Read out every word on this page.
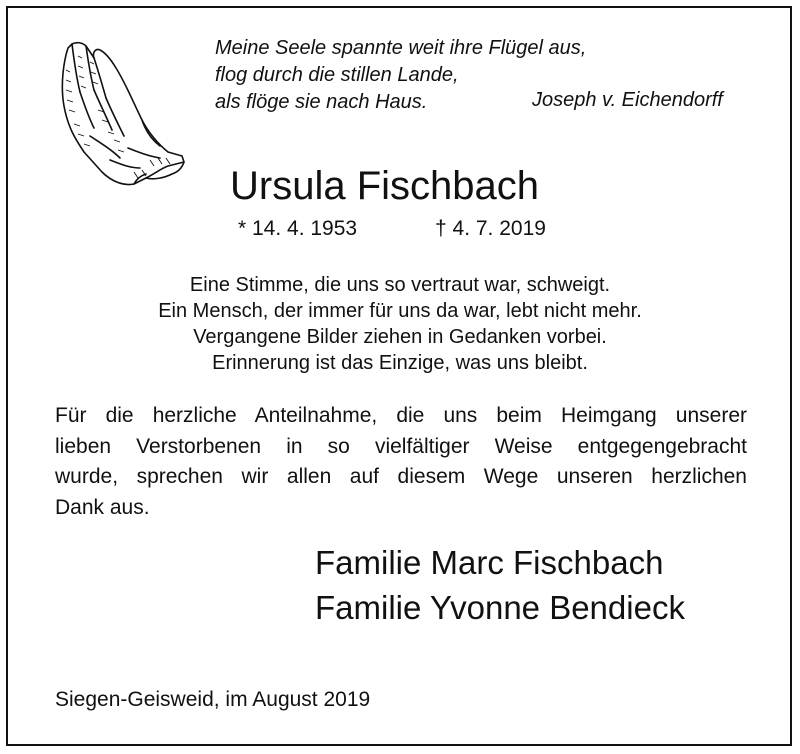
Meine Seele spannte weit ihre Flügel aus,
flog durch die stillen Lande,
als flöge sie nach Haus.	Joseph v. Eichendorff
Ursula Fischbach
* 14. 4. 1953	† 4. 7. 2019
Eine Stimme, die uns so vertraut war, schweigt.
Ein Mensch, der immer für uns da war, lebt nicht mehr.
Vergangene Bilder ziehen in Gedanken vorbei.
Erinnerung ist das Einzige, was uns bleibt.
Für die herzliche Anteilnahme, die uns beim Heimgang unserer
lieben Verstorbenen in so vielfältiger Weise entgegengebracht
wurde, sprechen wir allen auf diesem Wege unseren herzlichen
Dank aus.
Familie Marc Fischbach
Familie Yvonne Bendieck
Siegen-Geisweid, im August 2019
